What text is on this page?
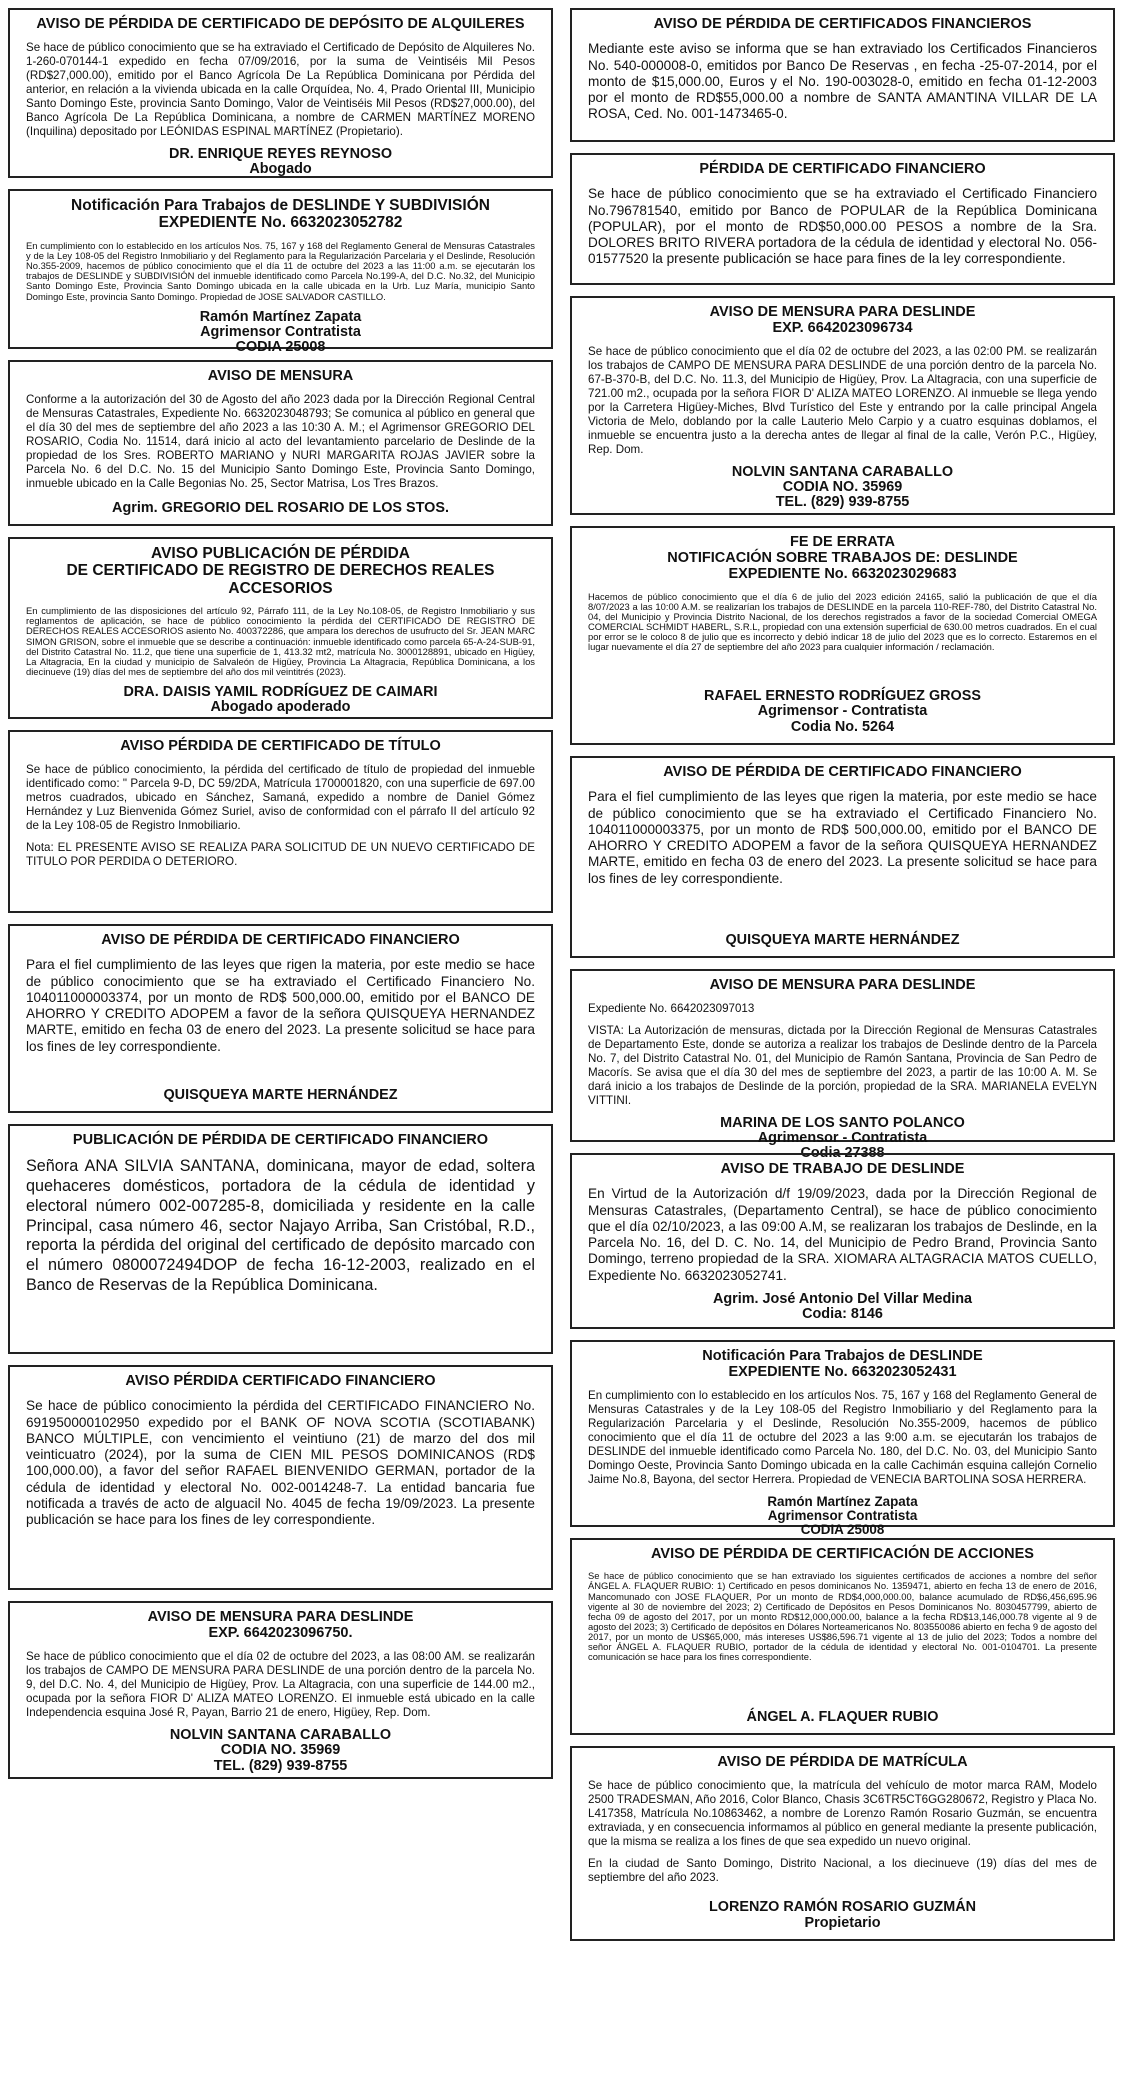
AVISO DE PÉRDIDA DE CERTIFICADO DE DEPÓSITO DE ALQUILERES
Se hace de público conocimiento que se ha extraviado el Certificado de Depósito de Alquileres No. 1-260-070144-1 expedido en fecha 07/09/2016, por la suma de Veintiséis Mil Pesos (RD$27,000.00), emitido por el Banco Agrícola De La República Dominicana por Pérdida del anterior, en relación a la vivienda ubicada en la calle Orquídea, No. 4, Prado Oriental III, Municipio Santo Domingo Este, provincia Santo Domingo, Valor de Veintiséis Mil Pesos (RD$27,000.00), del Banco Agrícola De La República Dominicana, a nombre de CARMEN MARTÍNEZ MORENO (Inquilina) depositado por LEÓNIDAS ESPINAL MARTÍNEZ (Propietario).
DR. ENRIQUE REYES REYNOSO
Abogado
Notificación Para Trabajos de DESLINDE Y SUBDIVISIÓN
EXPEDIENTE No. 6632023052782
En cumplimiento con lo establecido en los artículos Nos. 75, 167 y 168 del Reglamento General de Mensuras Catastrales y de la Ley 108-05 del Registro Inmobiliario y del Reglamento para la Regularización Parcelaria y el Deslinde, Resolución No.355-2009, hacemos de público conocimiento que el día 11 de octubre del 2023 a las 11:00 a.m. se ejecutarán los trabajos de DESLINDE y SUBDIVISIÓN del inmueble identificado como Parcela No.199-A, del D.C. No.32, del Municipio Santo Domingo Este, Provincia Santo Domingo ubicada en la calle ubicada en la Urb. Luz María, municipio Santo Domingo Este, provincia Santo Domingo. Propiedad de JOSE SALVADOR CASTILLO.
Ramón Martínez Zapata
Agrimensor Contratista
CODIA 25008
AVISO DE MENSURA
Conforme a la autorización del 30 de Agosto del año 2023 dada por la Dirección Regional Central de Mensuras Catastrales, Expediente No. 6632023048793; Se comunica al público en general que el día 30 del mes de septiembre del año 2023 a las 10:30 A. M.; el Agrimensor GREGORIO DEL ROSARIO, Codia No. 11514, dará inicio al acto del levantamiento parcelario de Deslinde de la propiedad de los Sres. ROBERTO MARIANO y NURI MARGARITA ROJAS JAVIER sobre la Parcela No. 6 del D.C. No. 15 del Municipio Santo Domingo Este, Provincia Santo Domingo, inmueble ubicado en la Calle Begonias No. 25, Sector Matrisa, Los Tres Brazos.
Agrim. GREGORIO DEL ROSARIO DE LOS STOS.
AVISO PUBLICACIÓN DE PÉRDIDA
DE CERTIFICADO DE REGISTRO DE DERECHOS REALES
ACCESORIOS
En cumplimiento de las disposiciones del artículo 92, Párrafo 111, de la Ley No.108-05, de Registro Inmobiliario y sus reglamentos de aplicación, se hace de público conocimiento la pérdida del CERTIFICADO DE REGISTRO DE DERECHOS REALES ACCESORIOS asiento No. 400372286, que ampara los derechos de usufructo del Sr. JEAN MARC SIMON GRISON, sobre el inmueble que se describe a continuación: inmueble identificado como parcela 65-A-24-SUB-91, del Distrito Catastral No. 11.2, que tiene una superficie de 1, 413.32 mt2, matrícula No. 3000128891, ubicado en Higüey, La Altagracia, En la ciudad y municipio de Salvaleón de Higüey, Provincia La Altagracia, República Dominicana, a los diecinueve (19) días del mes de septiembre del año dos mil veintitrés (2023).
DRA. DAISIS YAMIL RODRÍGUEZ DE CAIMARI
Abogado apoderado
AVISO PÉRDIDA DE CERTIFICADO DE TÍTULO
Se hace de público conocimiento, la pérdida del certificado de título de propiedad del inmueble identificado como: " Parcela 9-D, DC 59/2DA, Matrícula 1700001820, con una superficie de 697.00 metros cuadrados, ubicado en Sánchez, Samaná, expedido a nombre de Daniel Gómez Hernández y Luz Bienvenida Gómez Suriel, aviso de conformidad con el párrafo II del artículo 92 de la Ley 108-05 de Registro Inmobiliario.
Nota: EL PRESENTE AVISO SE REALIZA PARA SOLICITUD DE UN NUEVO CERTIFICADO DE TITULO POR PERDIDA O DETERIORO.
AVISO DE PÉRDIDA DE CERTIFICADO FINANCIERO
Para el fiel cumplimiento de las leyes que rigen la materia, por este medio se hace de público conocimiento que se ha extraviado el Certificado Financiero No. 104011000003374, por un monto de RD$ 500,000.00, emitido por el BANCO DE AHORRO Y CREDITO ADOPEM a favor de la señora QUISQUEYA HERNANDEZ MARTE, emitido en fecha 03 de enero del 2023. La presente solicitud se hace para los fines de ley correspondiente.
QUISQUEYA MARTE HERNÁNDEZ
PUBLICACIÓN DE PÉRDIDA DE CERTIFICADO FINANCIERO
Señora ANA SILVIA SANTANA, dominicana, mayor de edad, soltera quehaceres domésticos, portadora de la cédula de identidad y electoral número 002-007285-8, domiciliada y residente en la calle Principal, casa número 46, sector Najayo Arriba, San Cristóbal, R.D., reporta la pérdida del original del certificado de depósito marcado con el número 0800072494DOP de fecha 16-12-2003, realizado en el Banco de Reservas de la República Dominicana.
AVISO PÉRDIDA CERTIFICADO FINANCIERO
Se hace de público conocimiento la pérdida del CERTIFICADO FINANCIERO No. 691950000102950 expedido por el BANK OF NOVA SCOTIA (SCOTIABANK) BANCO MÚLTIPLE, con vencimiento el veintiuno (21) de marzo del dos mil veinticuatro (2024), por la suma de CIEN MIL PESOS DOMINICANOS (RD$ 100,000.00), a favor del señor RAFAEL BIENVENIDO GERMAN, portador de la cédula de identidad y electoral No. 002-0014248-7. La entidad bancaria fue notificada a través de acto de alguacil No. 4045 de fecha 19/09/2023. La presente publicación se hace para los fines de ley correspondiente.
AVISO DE MENSURA PARA DESLINDE
EXP. 6642023096750.
Se hace de público conocimiento que el día 02 de octubre del 2023, a las 08:00 AM. se realizarán los trabajos de CAMPO DE MENSURA PARA DESLINDE de una porción dentro de la parcela No. 9, del D.C. No. 4, del Municipio de Higüey, Prov. La Altagracia, con una superficie de 144.00 m2., ocupada por la señora FIOR D' ALIZA MATEO LORENZO. El inmueble está ubicado en la calle Independencia esquina José R, Payan, Barrio 21 de enero, Higüey, Rep. Dom.
NOLVIN SANTANA CARABALLO
CODIA NO. 35969
TEL. (829) 939-8755
AVISO DE PÉRDIDA DE CERTIFICADOS FINANCIEROS
Mediante este aviso se informa que se han extraviado los Certificados Financieros No. 540-000008-0, emitidos por Banco De Reservas , en fecha -25-07-2014, por el monto de $15,000.00, Euros y el No. 190-003028-0, emitido en fecha 01-12-2003 por el monto de RD$55,000.00 a nombre de SANTA AMANTINA VILLAR DE LA ROSA, Ced. No. 001-1473465-0.
PÉRDIDA DE CERTIFICADO FINANCIERO
Se hace de público conocimiento que se ha extraviado el Certificado Financiero No.796781540, emitido por Banco de POPULAR de la República Dominicana (POPULAR), por el monto de RD$50,000.00 PESOS a nombre de la Sra. DOLORES BRITO RIVERA portadora de la cédula de identidad y electoral No. 056-01577520 la presente publicación se hace para fines de la ley correspondiente.
AVISO DE MENSURA PARA DESLINDE
EXP. 6642023096734
Se hace de público conocimiento que el día 02 de octubre del 2023, a las 02:00 PM. se realizarán los trabajos de CAMPO DE MENSURA PARA DESLINDE de una porción dentro de la parcela No. 67-B-370-B, del D.C. No. 11.3, del Municipio de Higüey, Prov. La Altagracia, con una superficie de 721.00 m2., ocupada por la señora FIOR D' ALIZA MATEO LORENZO. Al inmueble se llega yendo por la Carretera Higüey-Miches, Blvd Turístico del Este y entrando por la calle principal Angela Victoria de Melo, doblando por la calle Lauterio Melo Carpio y a cuatro esquinas doblamos, el inmueble se encuentra justo a la derecha antes de llegar al final de la calle, Verón P.C., Higüey, Rep. Dom.
NOLVIN SANTANA CARABALLO
CODIA NO. 35969
TEL. (829) 939-8755
FE DE ERRATA
NOTIFICACIÓN SOBRE TRABAJOS DE: DESLINDE
EXPEDIENTE No. 6632023029683
Hacemos de público conocimiento que el día 6 de julio del 2023 edición 24165, salió la publicación de que el día 8/07/2023 a las 10:00 A.M. se realizarían los trabajos de DESLINDE en la parcela 110-REF-780, del Distrito Catastral No. 04, del Municipio y Provincia Distrito Nacional, de los derechos registrados a favor de la sociedad Comercial OMEGA COMERCIAL SCHMIDT HABERL, S.R.L, propiedad con una extensión superficial de 630.00 metros cuadrados. En el cual por error se le coloco 8 de julio que es incorrecto y debió indicar 18 de julio del 2023 que es lo correcto. Estaremos en el lugar nuevamente el día 27 de septiembre del año 2023 para cualquier información / reclamación.
RAFAEL ERNESTO RODRÍGUEZ GROSS
Agrimensor - Contratista
Codia No. 5264
AVISO DE PÉRDIDA DE CERTIFICADO FINANCIERO
Para el fiel cumplimiento de las leyes que rigen la materia, por este medio se hace de público conocimiento que se ha extraviado el Certificado Financiero No. 104011000003375, por un monto de RD$ 500,000.00, emitido por el BANCO DE AHORRO Y CREDITO ADOPEM a favor de la señora QUISQUEYA HERNANDEZ MARTE, emitido en fecha 03 de enero del 2023. La presente solicitud se hace para los fines de ley correspondiente.
QUISQUEYA MARTE HERNÁNDEZ
AVISO DE MENSURA PARA DESLINDE
Expediente No. 6642023097013
VISTA: La Autorización de mensuras, dictada por la Dirección Regional de Mensuras Catastrales de Departamento Este, donde se autoriza a realizar los trabajos de Deslinde dentro de la Parcela No. 7, del Distrito Catastral No. 01, del Municipio de Ramón Santana, Provincia de San Pedro de Macorís. Se avisa que el día 30 del mes de septiembre del 2023, a partir de las 10:00 A. M. Se dará inicio a los trabajos de Deslinde de la porción, propiedad de la SRA. MARIANELA EVELYN VITTINI.
MARINA DE LOS SANTO POLANCO
Agrimensor - Contratista
Codia 27388
AVISO DE TRABAJO DE DESLINDE
En Virtud de la Autorización d/f 19/09/2023, dada por la Dirección Regional de Mensuras Catastrales, (Departamento Central), se hace de público conocimiento que el día 02/10/2023, a las 09:00 A.M, se realizaran los trabajos de Deslinde, en la Parcela No. 16, del D. C. No. 14, del Municipio de Pedro Brand, Provincia Santo Domingo, terreno propiedad de la SRA. XIOMARA ALTAGRACIA MATOS CUELLO, Expediente No. 6632023052741.
Agrim. José Antonio Del Villar Medina
Codia: 8146
Notificación Para Trabajos de DESLINDE
EXPEDIENTE No. 6632023052431
En cumplimiento con lo establecido en los artículos Nos. 75, 167 y 168 del Reglamento General de Mensuras Catastrales y de la Ley 108-05 del Registro Inmobiliario y del Reglamento para la Regularización Parcelaria y el Deslinde, Resolución No.355-2009, hacemos de público conocimiento que el día 11 de octubre del 2023 a las 9:00 a.m. se ejecutarán los trabajos de DESLINDE del inmueble identificado como Parcela No. 180, del D.C. No. 03, del Municipio Santo Domingo Oeste, Provincia Santo Domingo ubicada en la calle Cachimán esquina callejón Cornelio Jaime No.8, Bayona, del sector Herrera. Propiedad de VENECIA BARTOLINA SOSA HERRERA.
Ramón Martínez Zapata
Agrimensor Contratista
CODIA 25008
AVISO DE PÉRDIDA DE CERTIFICACIÓN DE ACCIONES
Se hace de público conocimiento que se han extraviado los siguientes certificados de acciones a nombre del señor ÁNGEL A. FLAQUER RUBIO: 1) Certificado en pesos dominicanos No. 1359471, abierto en fecha 13 de enero de 2016, Mancomunado con JOSE FLAQUER, Por un monto de RD$4,000,000.00, balance acumulado de RD$6,456,695.96 vigente al 30 de noviembre del 2023; 2) Certificado de Depósitos en Pesos Dominicanos No. 8030457799, abierto de fecha 09 de agosto del 2017, por un monto RD$12,000,000.00, balance a la fecha RD$13,146,000.78 vigente al 9 de agosto del 2023; 3) Certificado de depósitos en Dólares Norteamericanos No. 803550086 abierto en fecha 9 de agosto del 2017, por un monto de US$65,000, más intereses US$86,596.71 vigente al 13 de julio del 2023; Todos a nombre del señor ÁNGEL A. FLAQUER RUBIO, portador de la cédula de identidad y electoral No. 001-0104701. La presente comunicación se hace para los fines correspondiente.
ÁNGEL A. FLAQUER RUBIO
AVISO DE PÉRDIDA DE MATRÍCULA
Se hace de público conocimiento que, la matrícula del vehículo de motor marca RAM, Modelo 2500 TRADESMAN, Año 2016, Color Blanco, Chasis 3C6TR5CT6GG280672, Registro y Placa No. L417358, Matrícula No.10863462, a nombre de Lorenzo Ramón Rosario Guzmán, se encuentra extraviada, y en consecuencia informamos al público en general mediante la presente publicación, que la misma se realiza a los fines de que sea expedido un nuevo original.
En la ciudad de Santo Domingo, Distrito Nacional, a los diecinueve (19) días del mes de septiembre del año 2023.
LORENZO RAMÓN ROSARIO GUZMÁN
Propietario
